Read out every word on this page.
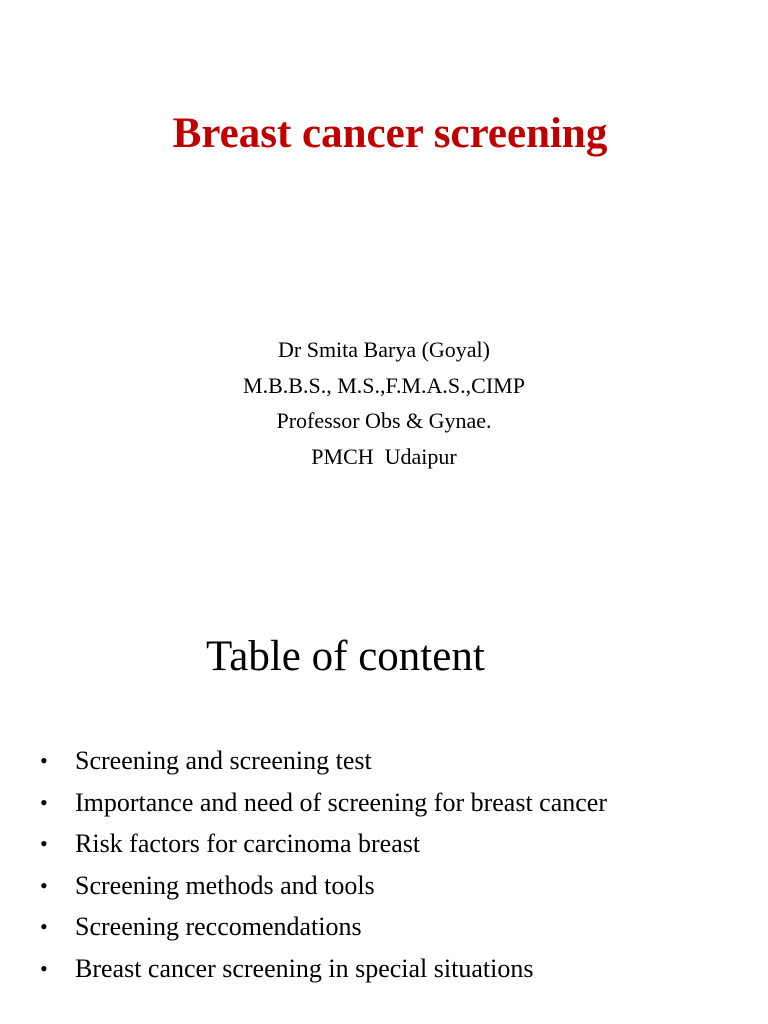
Breast cancer screening
Dr Smita Barya (Goyal)
M.B.B.S., M.S.,F.M.A.S.,CIMP
Professor Obs & Gynae.
PMCH  Udaipur
Table of content
• Screening and screening test
• Importance and need of screening for breast cancer
• Risk factors for carcinoma breast
• Screening methods and tools
• Screening reccomendations
• Breast cancer screening in special situations
